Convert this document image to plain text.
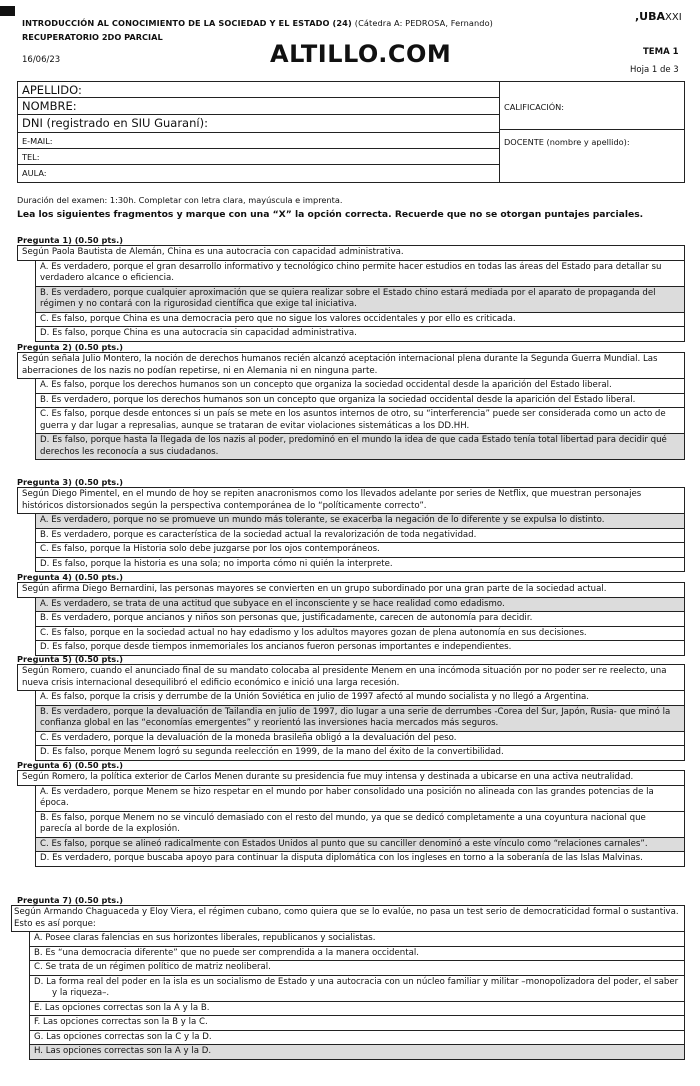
INTRODUCCIÓN AL CONOCIMIENTO DE LA SOCIEDAD Y EL ESTADO (24) (Cátedra A: PEDROSA, Fernando)
RECUPERATORIO 2DO PARCIAL
16/06/23	ALTILLO.COM
,UBAXXI
TEMA 1
Hoja 1 de 3
APELLIDO:
NOMBRE:
DNI (registrado en SIU Guaraní):
E-MAIL:
TEL:
AULA:
CALIFICACIÓN:
DOCENTE (nombre y apellido):
Duración del examen: 1:30h. Completar con letra clara, mayúscula e imprenta.
Lea los siguientes fragmentos y marque con una “X” la opción correcta. Recuerde que no se otorgan puntajes parciales.
Pregunta 1) (0.50 pts.)
Según Paola Bautista de Alemán, China es una autocracia con capacidad administrativa.
A. Es verdadero, porque el gran desarrollo informativo y tecnológico chino permite hacer estudios en todas las áreas del Estado para detallar su verdadero alcance o eficiencia.
B. Es verdadero, porque cualquier aproximación que se quiera realizar sobre el Estado chino estará mediada por el aparato de propaganda del régimen y no contará con la rigurosidad científica que exige tal iniciativa.
C. Es falso, porque China es una democracia pero que no sigue los valores occidentales y por ello es criticada.
D. Es falso, porque China es una autocracia sin capacidad administrativa.
Pregunta 2) (0.50 pts.)
Según señala Julio Montero, la noción de derechos humanos recién alcanzó aceptación internacional plena durante la Segunda Guerra Mundial. Las aberraciones de los nazis no podían repetirse, ni en Alemania ni en ninguna parte.
A. Es falso, porque los derechos humanos son un concepto que organiza la sociedad occidental desde la aparición del Estado liberal.
B. Es verdadero, porque los derechos humanos son un concepto que organiza la sociedad occidental desde la aparición del Estado liberal.
C. Es falso, porque desde entonces si un país se mete en los asuntos internos de otro, su “interferencia” puede ser considerada como un acto de guerra y dar lugar a represalias, aunque se trataran de evitar violaciones sistemáticas a los DD.HH.
D. Es falso, porque hasta la llegada de los nazis al poder, predominó en el mundo la idea de que cada Estado tenía total libertad para decidir qué derechos les reconocía a sus ciudadanos.
Pregunta 3) (0.50 pts.)
Según Diego Pimentel, en el mundo de hoy se repiten anacronismos como los llevados adelante por series de Netflix, que muestran personajes históricos distorsionados según la perspectiva contemporánea de lo “políticamente correcto”.
A. Es verdadero, porque no se promueve un mundo más tolerante, se exacerba la negación de lo diferente y se expulsa lo distinto.
B. Es verdadero, porque es característica de la sociedad actual la revalorización de toda negatividad.
C. Es falso, porque la Historia solo debe juzgarse por los ojos contemporáneos.
D. Es falso, porque la historia es una sola; no importa cómo ni quién la interprete.
Pregunta 4) (0.50 pts.)
Según afirma Diego Bernardini, las personas mayores se convierten en un grupo subordinado por una gran parte de la sociedad actual.
A. Es verdadero, se trata de una actitud que subyace en el inconsciente y se hace realidad como edadismo.
B. Es verdadero, porque ancianos y niños son personas que, justificadamente, carecen de autonomía para decidir.
C. Es falso, porque en la sociedad actual no hay edadismo y los adultos mayores gozan de plena autonomía en sus decisiones.
D. Es falso, porque desde tiempos inmemoriales los ancianos fueron personas importantes e independientes.
Pregunta 5) (0.50 pts.)
Según Romero, cuando el anunciado final de su mandato colocaba al presidente Menem en una incómoda situación por no poder ser re reelecto, una nueva crisis internacional desequilibró el edificio económico e inició una larga recesión.
A. Es falso, porque la crisis y derrumbe de la Unión Soviética en julio de 1997 afectó al mundo socialista y no llegó a Argentina.
B. Es verdadero, porque la devaluación de Tailandia en julio de 1997, dio lugar a una serie de derrumbes -Corea del Sur, Japón, Rusia- que minó la confianza global en las “economías emergentes” y reorientó las inversiones hacia mercados más seguros.
C. Es verdadero, porque la devaluación de la moneda brasileña obligó a la devaluación del peso.
D. Es falso, porque Menem logró su segunda reelección en 1999, de la mano del éxito de la convertibilidad.
Pregunta 6) (0.50 pts.)
Según Romero, la política exterior de Carlos Menen durante su presidencia fue muy intensa y destinada a ubicarse en una activa neutralidad.
A. Es verdadero, porque Menem se hizo respetar en el mundo por haber consolidado una posición no alineada con las grandes potencias de la época.
B. Es falso, porque Menem no se vinculó demasiado con el resto del mundo, ya que se dedicó completamente a una coyuntura nacional que parecía al borde de la explosión.
C. Es falso, porque se alineó radicalmente con Estados Unidos al punto que su canciller denominó a este vínculo como “relaciones carnales”.
D. Es verdadero, porque buscaba apoyo para continuar la disputa diplomática con los ingleses en torno a la soberanía de las Islas Malvinas.
Pregunta 7) (0.50 pts.)
Según Armando Chaguaceda y Eloy Viera, el régimen cubano, como quiera que se lo evalúe, no pasa un test serio de democraticidad formal o sustantiva. Esto es así porque:
A. Posee claras falencias en sus horizontes liberales, republicanos y socialistas.
B. Es “una democracia diferente” que no puede ser comprendida a la manera occidental.
C. Se trata de un régimen político de matriz neoliberal.
D. La forma real del poder en la isla es un socialismo de Estado y una autocracia con un núcleo familiar y militar –monopolizadora del poder, el saber y la riqueza–.
E. Las opciones correctas son la A y la B.
F. Las opciones correctas son la B y la C.
G. Las opciones correctas son la C y la D.
H. Las opciones correctas son la A y la D.
